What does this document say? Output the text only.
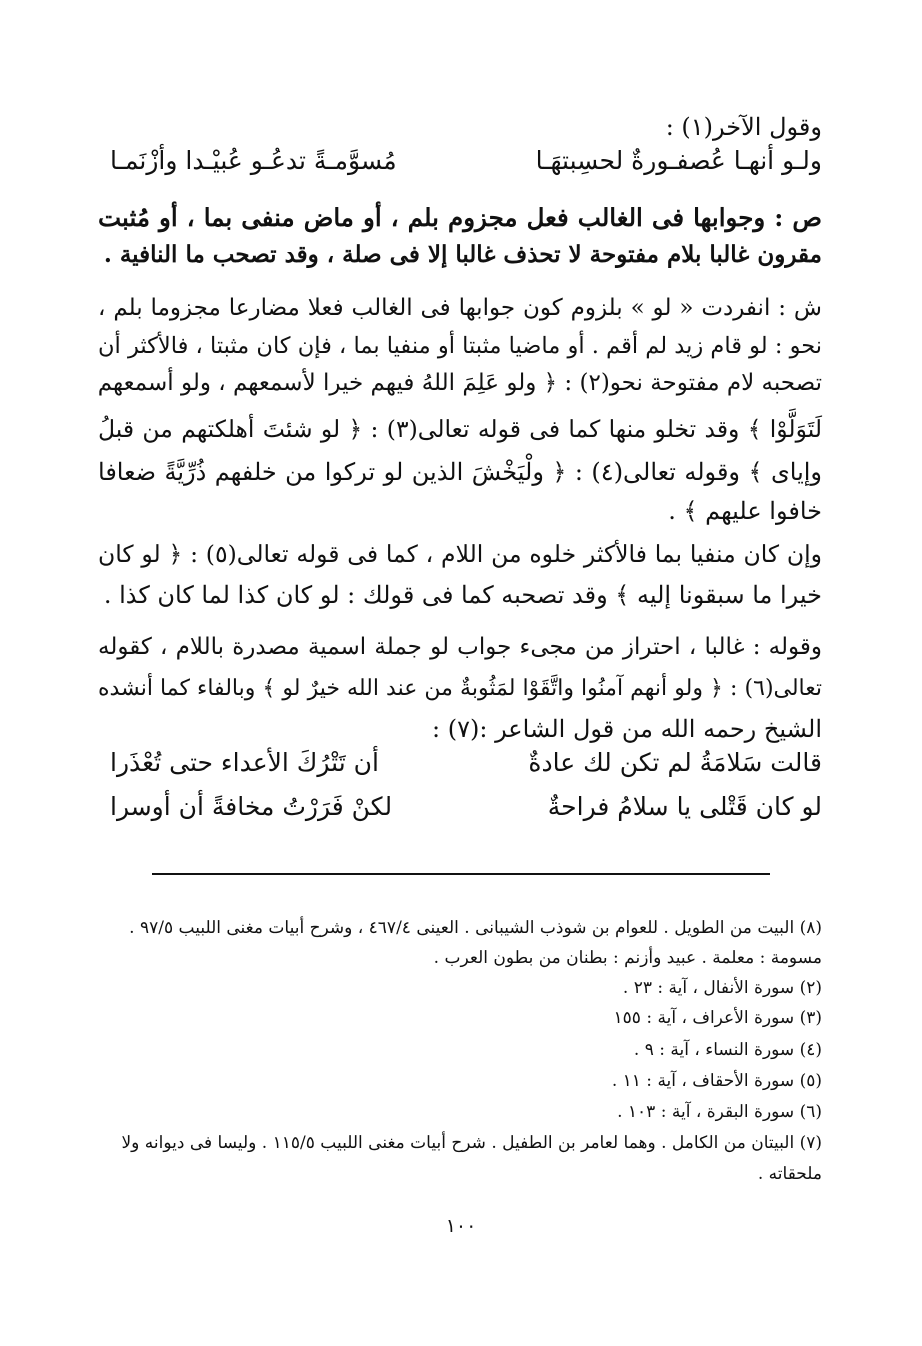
وقول الآخر(١) :

ولـو أنهـا عُصفـورةٌ لحسِبتهَـا
مُسوَّمـةً تدعُـو عُبيْـدا وأزْنَمـا

ص : وجوابها فى الغالب فعل مجزوم بلم ، أو ماض منفى بما ، أو مُثبت

مقرون غالبا بلام مفتوحة لا تحذف غالبا إلا فى صلة ، وقد تصحب ما النافية .

ش : انفردت « لو » بلزوم كون جوابها فى الغالب فعلا مضارعا مجزوما بلم ،

نحو : لو قام زيد لم أقم . أو ماضيا مثبتا أو منفيا بما ، فإن كان مثبتا ، فالأكثر أن

تصحبه لام مفتوحة نحو(٢) : ﴿ ولو عَلِمَ اللهُ فيهم خيرا لأسمعهم ، ولو أسمعهم

لَتَوَلَّوْا ﴾ وقد تخلو منها كما فى قوله تعالى(٣) : ﴿ لو شئتَ أهلكتهم من قبلُ

وإياى ﴾ وقوله تعالى(٤) : ﴿ ولْيَخْشَ الذين لو تركوا من خلفهم ذُرِّيَّةً ضعافا

خافوا عليهم ﴾ .

وإن كان منفيا بما فالأكثر خلوه من اللام ، كما فى قوله تعالى(٥) : ﴿ لو كان

خيرا ما سبقونا إليه ﴾ وقد تصحبه كما فى قولك : لو كان كذا لما كان كذا .

وقوله : غالبا ، احتراز من مجىء جواب لو جملة اسمية مصدرة باللام ، كقوله

تعالى(٦) : ﴿ ولو أنهم آمنُوا واتَّقَوْا لمَثُوبةٌ من عند الله خيرٌ لو ﴾ وبالفاء كما أنشده

الشيخ رحمه الله من قول الشاعر :(٧) :

قالت سَلامَةُ لم تكن لك عادةٌ
أن تَتْرُكَ الأعداء حتى تُعْذَرا
لو كان قَتْلى يا سلامُ فراحةٌ
لكنْ فَرَرْتُ مخافةً أن أوسرا

(٨) البيت من الطويل . للعوام بن شوذب الشيبانى . العينى ٤٦٧/٤ ، وشرح أبيات مغنى اللبيب ٩٧/٥ .

مسومة : معلمة . عبيد وأزنم : بطنان من بطون العرب .

(٢) سورة الأنفال ، آية : ٢٣ .

(٣) سورة الأعراف ، آية : ١٥٥

(٤) سورة النساء ، آية : ٩ .

(٥) سورة الأحقاف ، آية : ١١ .

(٦) سورة البقرة ، آية : ١٠٣ .

(٧) البيتان من الكامل . وهما لعامر بن الطفيل . شرح أبيات مغنى اللبيب ١١٥/٥ . وليسا فى ديوانه ولا

ملحقاته .

١٠٠
